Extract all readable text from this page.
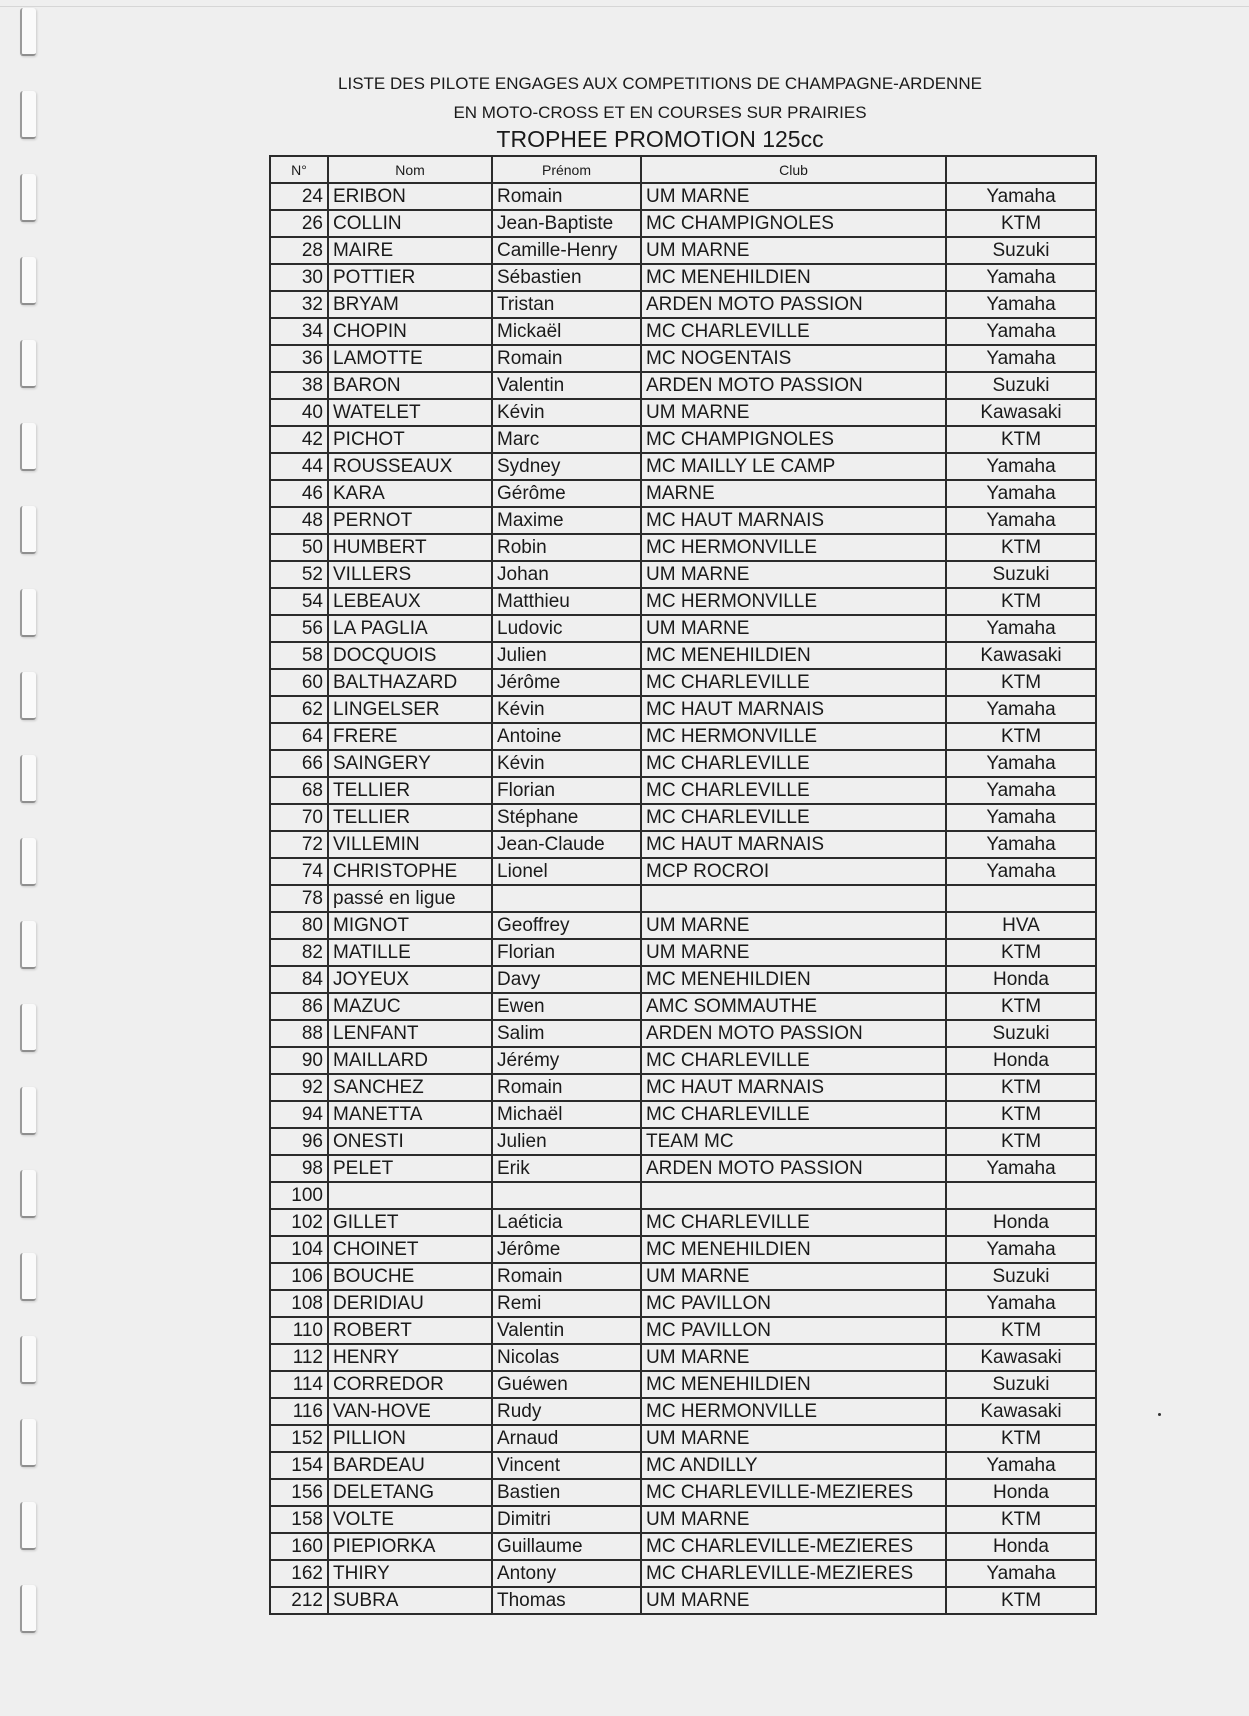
LISTE DES PILOTE ENGAGES AUX COMPETITIONS DE CHAMPAGNE-ARDENNE
EN MOTO-CROSS ET EN COURSES SUR PRAIRIES
TROPHEE PROMOTION 125cc
N°	Nom	Prénom	Club	
24	ERIBON	Romain	UM MARNE	Yamaha
26	COLLIN	Jean-Baptiste	MC CHAMPIGNOLES	KTM
28	MAIRE	Camille-Henry	UM MARNE	Suzuki
30	POTTIER	Sébastien	MC MENEHILDIEN	Yamaha
32	BRYAM	Tristan	ARDEN MOTO PASSION	Yamaha
34	CHOPIN	Mickaël	MC CHARLEVILLE	Yamaha
36	LAMOTTE	Romain	MC NOGENTAIS	Yamaha
38	BARON	Valentin	ARDEN MOTO PASSION	Suzuki
40	WATELET	Kévin	UM MARNE	Kawasaki
42	PICHOT	Marc	MC CHAMPIGNOLES	KTM
44	ROUSSEAUX	Sydney	MC MAILLY LE CAMP	Yamaha
46	KARA	Gérôme	MARNE	Yamaha
48	PERNOT	Maxime	MC HAUT MARNAIS	Yamaha
50	HUMBERT	Robin	MC HERMONVILLE	KTM
52	VILLERS	Johan	UM MARNE	Suzuki
54	LEBEAUX	Matthieu	MC HERMONVILLE	KTM
56	LA PAGLIA	Ludovic	UM MARNE	Yamaha
58	DOCQUOIS	Julien	MC MENEHILDIEN	Kawasaki
60	BALTHAZARD	Jérôme	MC CHARLEVILLE	KTM
62	LINGELSER	Kévin	MC HAUT MARNAIS	Yamaha
64	FRERE	Antoine	MC HERMONVILLE	KTM
66	SAINGERY	Kévin	MC CHARLEVILLE	Yamaha
68	TELLIER	Florian	MC CHARLEVILLE	Yamaha
70	TELLIER	Stéphane	MC CHARLEVILLE	Yamaha
72	VILLEMIN	Jean-Claude	MC HAUT MARNAIS	Yamaha
74	CHRISTOPHE	Lionel	MCP ROCROI	Yamaha
78	passé en ligue			
80	MIGNOT	Geoffrey	UM MARNE	HVA
82	MATILLE	Florian	UM MARNE	KTM
84	JOYEUX	Davy	MC MENEHILDIEN	Honda
86	MAZUC	Ewen	AMC SOMMAUTHE	KTM
88	LENFANT	Salim	ARDEN MOTO PASSION	Suzuki
90	MAILLARD	Jérémy	MC CHARLEVILLE	Honda
92	SANCHEZ	Romain	MC HAUT MARNAIS	KTM
94	MANETTA	Michaël	MC CHARLEVILLE	KTM
96	ONESTI	Julien	TEAM MC	KTM
98	PELET	Erik	ARDEN MOTO PASSION	Yamaha
100				
102	GILLET	Laéticia	MC CHARLEVILLE	Honda
104	CHOINET	Jérôme	MC MENEHILDIEN	Yamaha
106	BOUCHE	Romain	UM MARNE	Suzuki
108	DERIDIAU	Remi	MC PAVILLON	Yamaha
110	ROBERT	Valentin	MC PAVILLON	KTM
112	HENRY	Nicolas	UM MARNE	Kawasaki
114	CORREDOR	Guéwen	MC MENEHILDIEN	Suzuki
116	VAN-HOVE	Rudy	MC HERMONVILLE	Kawasaki
152	PILLION	Arnaud	UM MARNE	KTM
154	BARDEAU	Vincent	MC ANDILLY	Yamaha
156	DELETANG	Bastien	MC CHARLEVILLE-MEZIERES	Honda
158	VOLTE	Dimitri	UM MARNE	KTM
160	PIEPIORKA	Guillaume	MC CHARLEVILLE-MEZIERES	Honda
162	THIRY	Antony	MC CHARLEVILLE-MEZIERES	Yamaha
212	SUBRA	Thomas	UM MARNE	KTM
